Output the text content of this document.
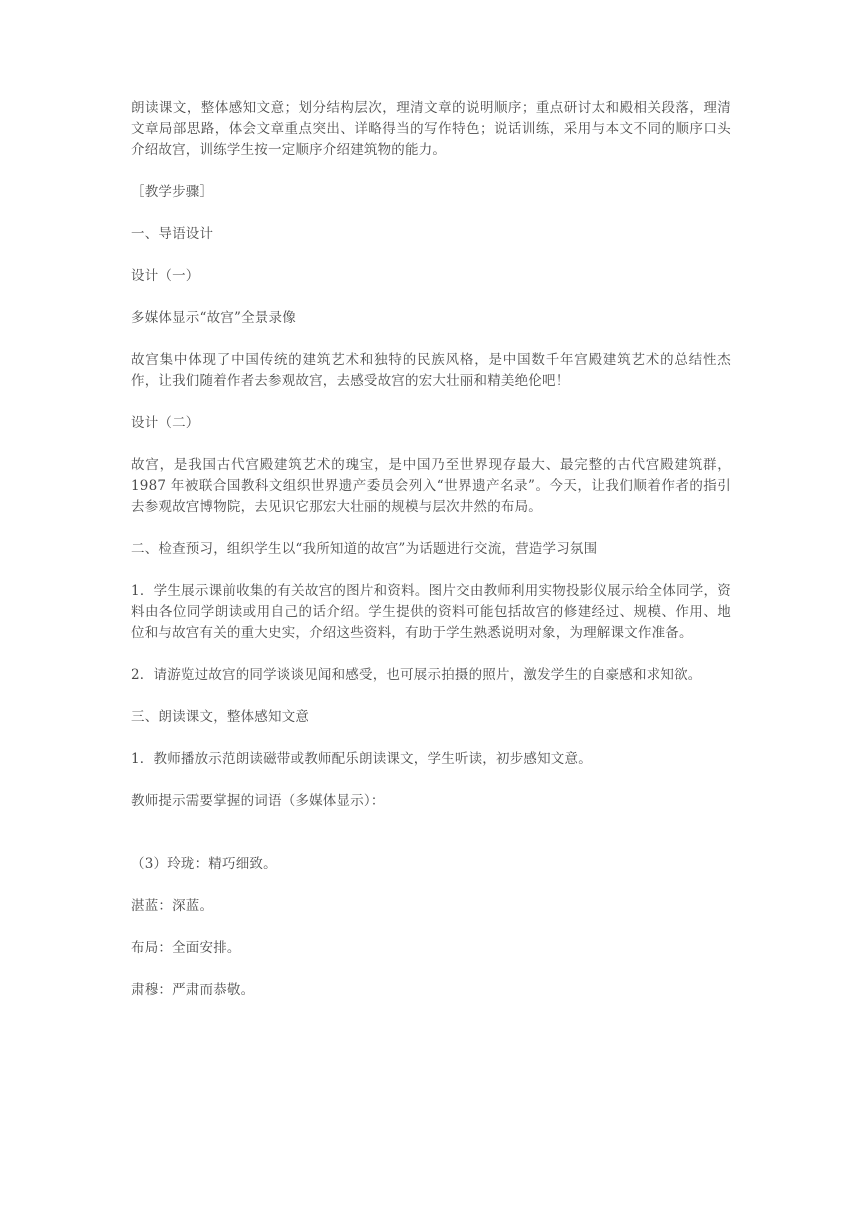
朗读课文，整体感知文意；划分结构层次，理清文章的说明顺序；重点研讨太和殿相关段落，理清文章局部思路，体会文章重点突出、详略得当的写作特色；说话训练，采用与本文不同的顺序口头介绍故宫，训练学生按一定顺序介绍建筑物的能力。

［教学步骤］

一、导语设计

设计（一）

多媒体显示“故宫”全景录像

故宫集中体现了中国传统的建筑艺术和独特的民族风格，是中国数千年宫殿建筑艺术的总结性杰作，让我们随着作者去参观故宫，去感受故宫的宏大壮丽和精美绝伦吧！

设计（二）

故宫，是我国古代宫殿建筑艺术的瑰宝，是中国乃至世界现存最大、最完整的古代宫殿建筑群，1987 年被联合国教科文组织世界遗产委员会列入“世界遗产名录”。今天，让我们顺着作者的指引去参观故宫博物院，去见识它那宏大壮丽的规模与层次井然的布局。

二、检查预习，组织学生以“我所知道的故宫”为话题进行交流，营造学习氛围

1．学生展示课前收集的有关故宫的图片和资料。图片交由教师利用实物投影仪展示给全体同学，资料由各位同学朗读或用自己的话介绍。学生提供的资料可能包括故宫的修建经过、规模、作用、地位和与故宫有关的重大史实，介绍这些资料，有助于学生熟悉说明对象，为理解课文作准备。

2．请游览过故宫的同学谈谈见闻和感受，也可展示拍摄的照片，激发学生的自豪感和求知欲。

三、朗读课文，整体感知文意

1．教师播放示范朗读磁带或教师配乐朗读课文，学生听读，初步感知文意。

教师提示需要掌握的词语（多媒体显示）：

（3）玲珑：精巧细致。

湛蓝：深蓝。

布局：全面安排。

肃穆：严肃而恭敬。
